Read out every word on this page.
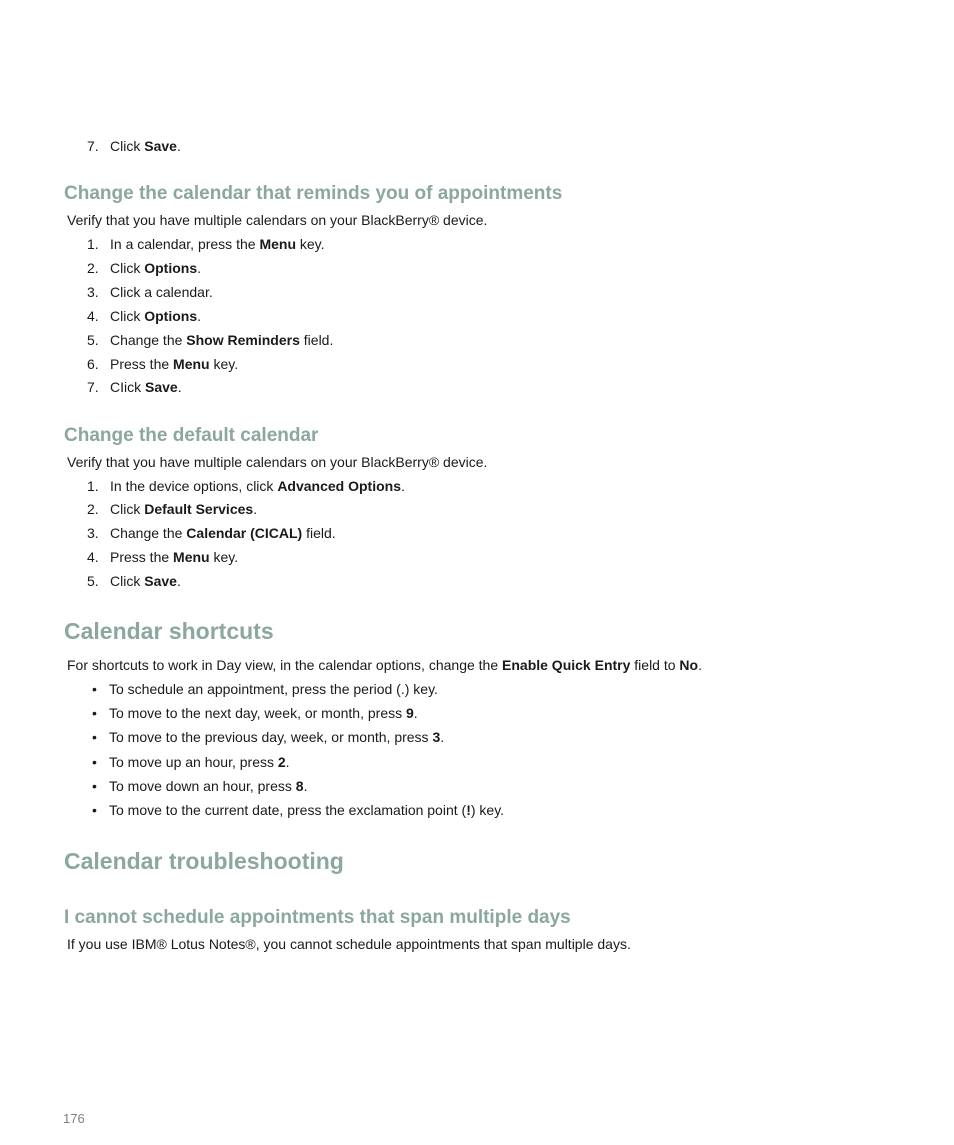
7. Click Save.
Change the calendar that reminds you of appointments
Verify that you have multiple calendars on your BlackBerry® device.
1. In a calendar, press the Menu key.
2. Click Options.
3. Click a calendar.
4. Click Options.
5. Change the Show Reminders field.
6. Press the Menu key.
7. CIick Save.
Change the default calendar
Verify that you have multiple calendars on your BlackBerry® device.
1. In the device options, click Advanced Options.
2. Click Default Services.
3. Change the Calendar (CICAL) field.
4. Press the Menu key.
5. Click Save.
Calendar shortcuts
For shortcuts to work in Day view, in the calendar options, change the Enable Quick Entry field to No.
• To schedule an appointment, press the period (.) key.
• To move to the next day, week, or month, press 9.
• To move to the previous day, week, or month, press 3.
• To move up an hour, press 2.
• To move down an hour, press 8.
• To move to the current date, press the exclamation point (!) key.
Calendar troubleshooting
I cannot schedule appointments that span multiple days
If you use IBM® Lotus Notes®, you cannot schedule appointments that span multiple days.
176
